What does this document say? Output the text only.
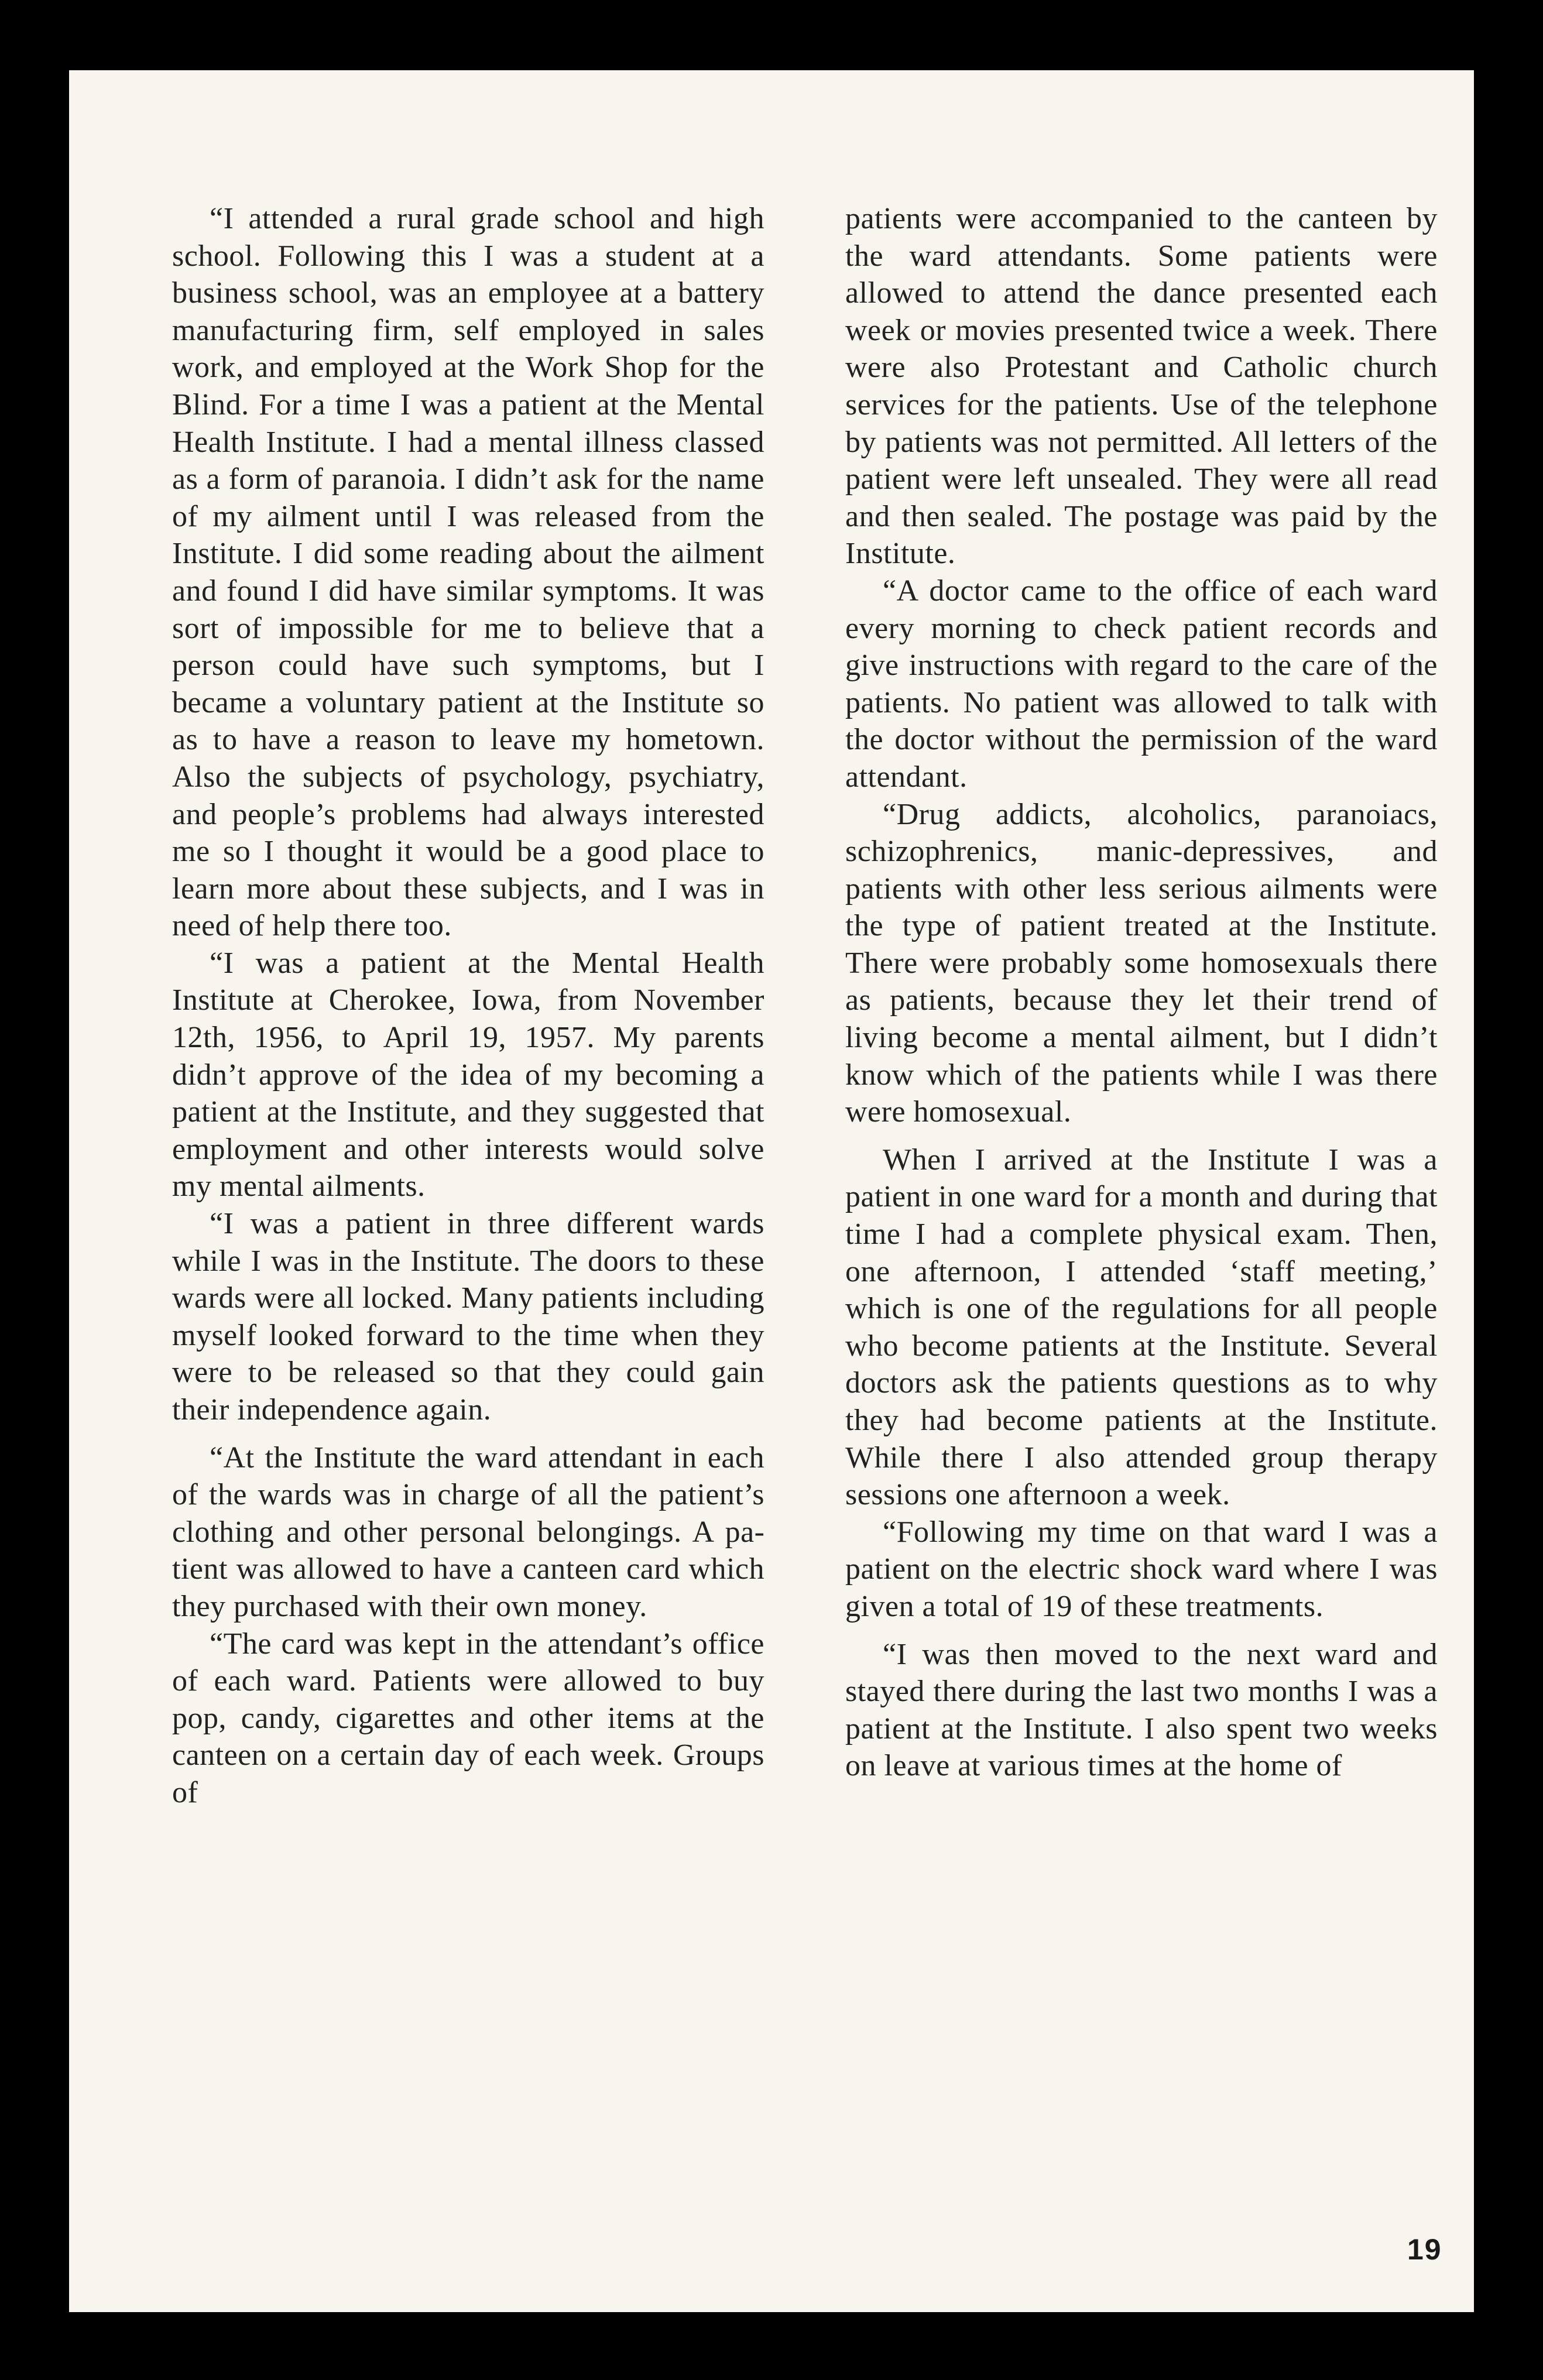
“I attended a rural grade school and high school. Following this I was a student at a business school, was an employee at a battery manufacturing firm, self employed in sales work, and employed at the Work Shop for the Blind. For a time I was a patient at the Mental Health Institute. I had a mental illness classed as a form of paranoia. I didn’t ask for the name of my ailment until I was released from the Institute. I did some reading about the ailment and found I did have similar symptoms. It was sort of impossible for me to believe that a person could have such symptoms, but I became a voluntary patient at the Institute so as to have a reason to leave my hometown. Also the subjects of psychology, psychiatry, and people’s problems had always interested me so I thought it would be a good place to learn more about these subjects, and I was in need of help there too.

“I was a patient at the Mental Health Institute at Cherokee, Iowa, from November 12th, 1956, to April 19, 1957. My parents didn’t approve of the idea of my becoming a patient at the Institute, and they suggested that employment and other interests would solve my mental ailments.

“I was a patient in three different wards while I was in the Institute. The doors to these wards were all locked. Many patients including myself looked forward to the time when they were to be released so that they could gain their independence again.

“At the Institute the ward attendant in each of the wards was in charge of all the patient’s clothing and other personal belongings. A patient was allowed to have a canteen card which they purchased with their own money.

“The card was kept in the attendant’s office of each ward. Patients were allowed to buy pop, candy, cigarettes and other items at the canteen on a certain day of each week. Groups of

patients were accompanied to the canteen by the ward attendants. Some patients were allowed to attend the dance presented each week or movies presented twice a week. There were also Protestant and Catholic church services for the patients. Use of the telephone by patients was not permitted. All letters of the patient were left unsealed. They were all read and then sealed. The postage was paid by the Institute.

“A doctor came to the office of each ward every morning to check patient records and give instructions with regard to the care of the patients. No patient was allowed to talk with the doctor without the permission of the ward attendant.

“Drug addicts, alcoholics, paranoiacs, schizophrenics, manic-depressives, and patients with other less serious ailments were the type of patient treated at the Institute. There were probably some homosexuals there as patients, because they let their trend of living become a mental ailment, but I didn’t know which of the patients while I was there were homosexual.

When I arrived at the Institute I was a patient in one ward for a month and during that time I had a complete physical exam. Then, one afternoon, I attended ‘staff meeting,’ which is one of the regulations for all people who become patients at the Institute. Several doctors ask the patients questions as to why they had become patients at the Institute. While there I also attended group therapy sessions one afternoon a week.

“Following my time on that ward I was a patient on the electric shock ward where I was given a total of 19 of these treatments.

“I was then moved to the next ward and stayed there during the last two months I was a patient at the Institute. I also spent two weeks on leave at various times at the home of

19
